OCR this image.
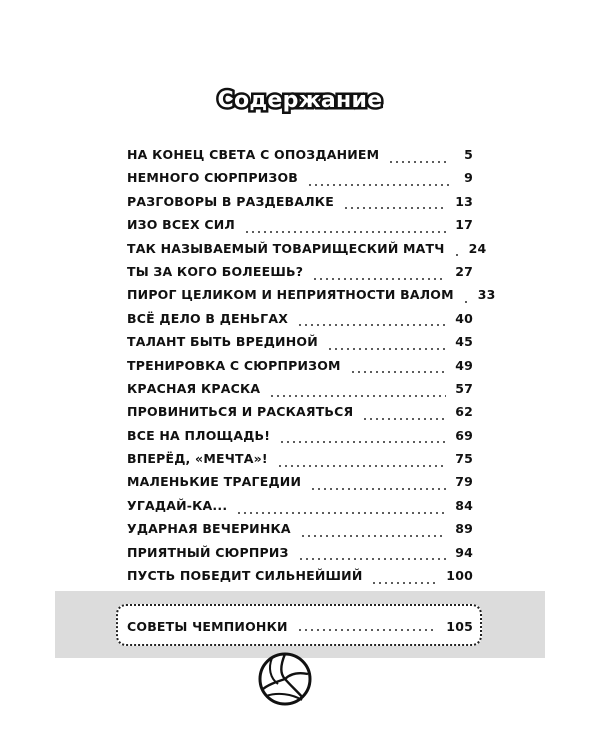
Содержание
НА КОНЕЦ СВЕТА С ОПОЗДАНИЕМ	5
НЕМНОГО СЮРПРИЗОВ	9
РАЗГОВОРЫ В РАЗДЕВАЛКЕ	13
ИЗО ВСЕХ СИЛ	17
ТАК НАЗЫВАЕМЫЙ ТОВАРИЩЕСКИЙ МАТЧ 24
ТЫ ЗА КОГО БОЛЕЕШЬ?	27
ПИРОГ ЦЕЛИКОМ И НЕПРИЯТНОСТИ ВАЛОМ 33
ВСЁ ДЕЛО В ДЕНЬГАХ	40
ТАЛАНТ БЫТЬ ВРЕДИНОЙ	45
ТРЕНИРОВКА С СЮРПРИЗОМ	49
КРАСНАЯ КРАСКА	57
ПРОВИНИТЬСЯ И РАСКАЯТЬСЯ	62
ВСЕ НА ПЛОЩАДЬ!	69
ВПЕРЁД, «МЕЧТА»!	75
МАЛЕНЬКИЕ ТРАГЕДИИ	79
УГАДАЙ-КА...	84
УДАРНАЯ ВЕЧЕРИНКА	89
ПРИЯТНЫЙ СЮРПРИЗ	94
ПУСТЬ ПОБЕДИТ СИЛЬНЕЙШИЙ	100
СОВЕТЫ ЧЕМПИОНКИ	105
